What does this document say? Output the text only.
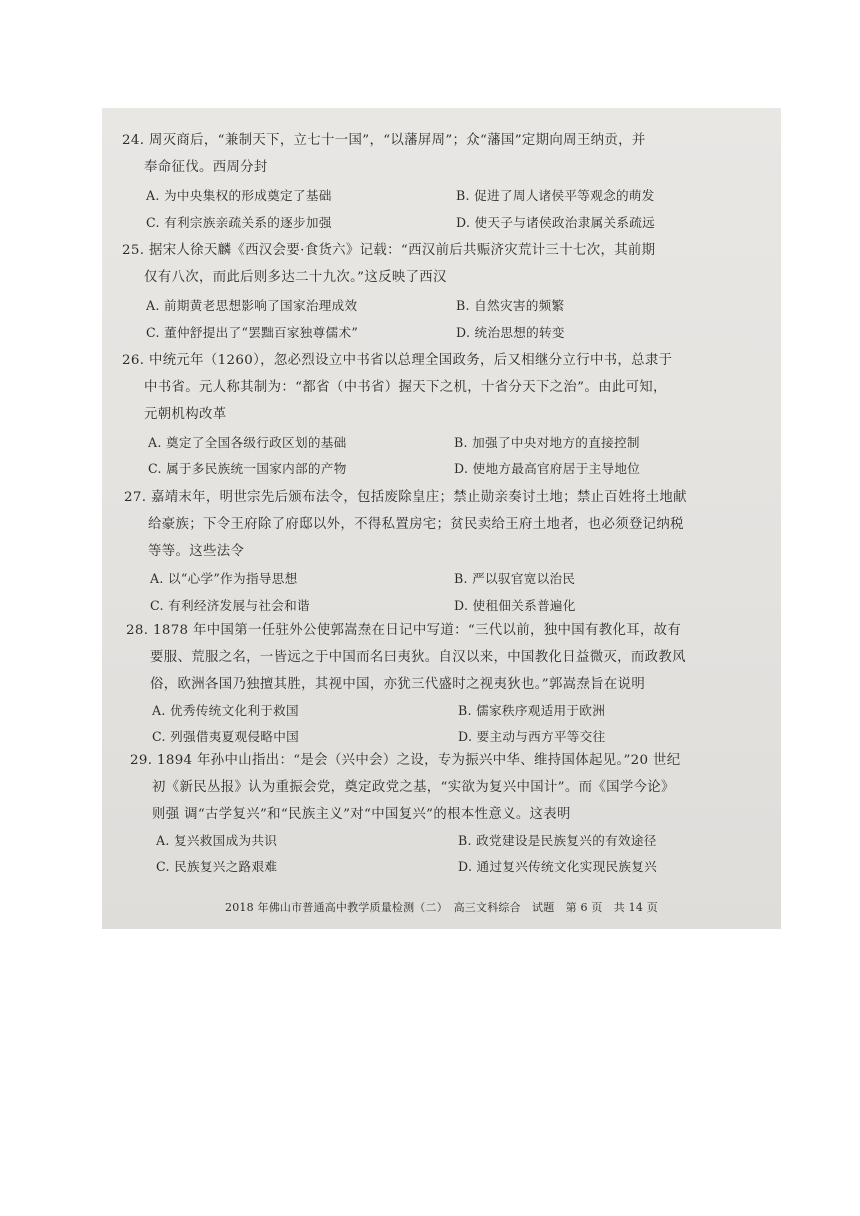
24. 周灭商后，“兼制天下，立七十一国”，“以藩屏周”；众“藩国”定期向周王纳贡，并
奉命征伐。西周分封
A. 为中央集权的形成奠定了基础	B. 促进了周人诸侯平等观念的萌发
C. 有利宗族亲疏关系的逐步加强	D. 使天子与诸侯政治隶属关系疏远
25. 据宋人徐天麟《西汉会要·食货六》记载：“西汉前后共赈济灾荒计三十七次，其前期
仅有八次，而此后则多达二十九次。”这反映了西汉
A. 前期黄老思想影响了国家治理成效	B. 自然灾害的频繁
C. 董仲舒提出了“罢黜百家独尊儒术”	D. 统治思想的转变
26. 中统元年（1260），忽必烈设立中书省以总理全国政务，后又相继分立行中书，总隶于
中书省。元人称其制为：“都省（中书省）握天下之机，十省分天下之治”。由此可知，
元朝机构改革
A. 奠定了全国各级行政区划的基础	B. 加强了中央对地方的直接控制
C. 属于多民族统一国家内部的产物	D. 使地方最高官府居于主导地位
27. 嘉靖末年，明世宗先后颁布法令，包括废除皇庄；禁止勋亲奏讨土地；禁止百姓将土地献
给豪族；下令王府除了府邸以外，不得私置房宅；贫民卖给王府土地者，也必须登记纳税
等等。这些法令
A. 以“心学”作为指导思想	B. 严以驭官宽以治民
C. 有利经济发展与社会和谐	D. 使租佃关系普遍化
28. 1878 年中国第一任驻外公使郭嵩焘在日记中写道：“三代以前，独中国有教化耳，故有
要服、荒服之名，一皆远之于中国而名曰夷狄。自汉以来，中国教化日益微灭，而政教风
俗，欧洲各国乃独擅其胜，其视中国，亦犹三代盛时之视夷狄也。”郭嵩焘旨在说明
A. 优秀传统文化利于救国	B. 儒家秩序观适用于欧洲
C. 列强借夷夏观侵略中国	D. 要主动与西方平等交往
29. 1894 年孙中山指出：“是会（兴中会）之设，专为振兴中华、维持国体起见。”20 世纪
初《新民丛报》认为重振会党，奠定政党之基，“实欲为复兴中国计”。而《国学今论》
则强 调“古学复兴”和“民族主义”对“中国复兴”的根本性意义。这表明
A. 复兴救国成为共识	B. 政党建设是民族复兴的有效途径
C. 民族复兴之路艰难	D. 通过复兴传统文化实现民族复兴
2018 年佛山市普通高中教学质量检测（二）　高三文科综合　试题　第 6 页　共 14 页
